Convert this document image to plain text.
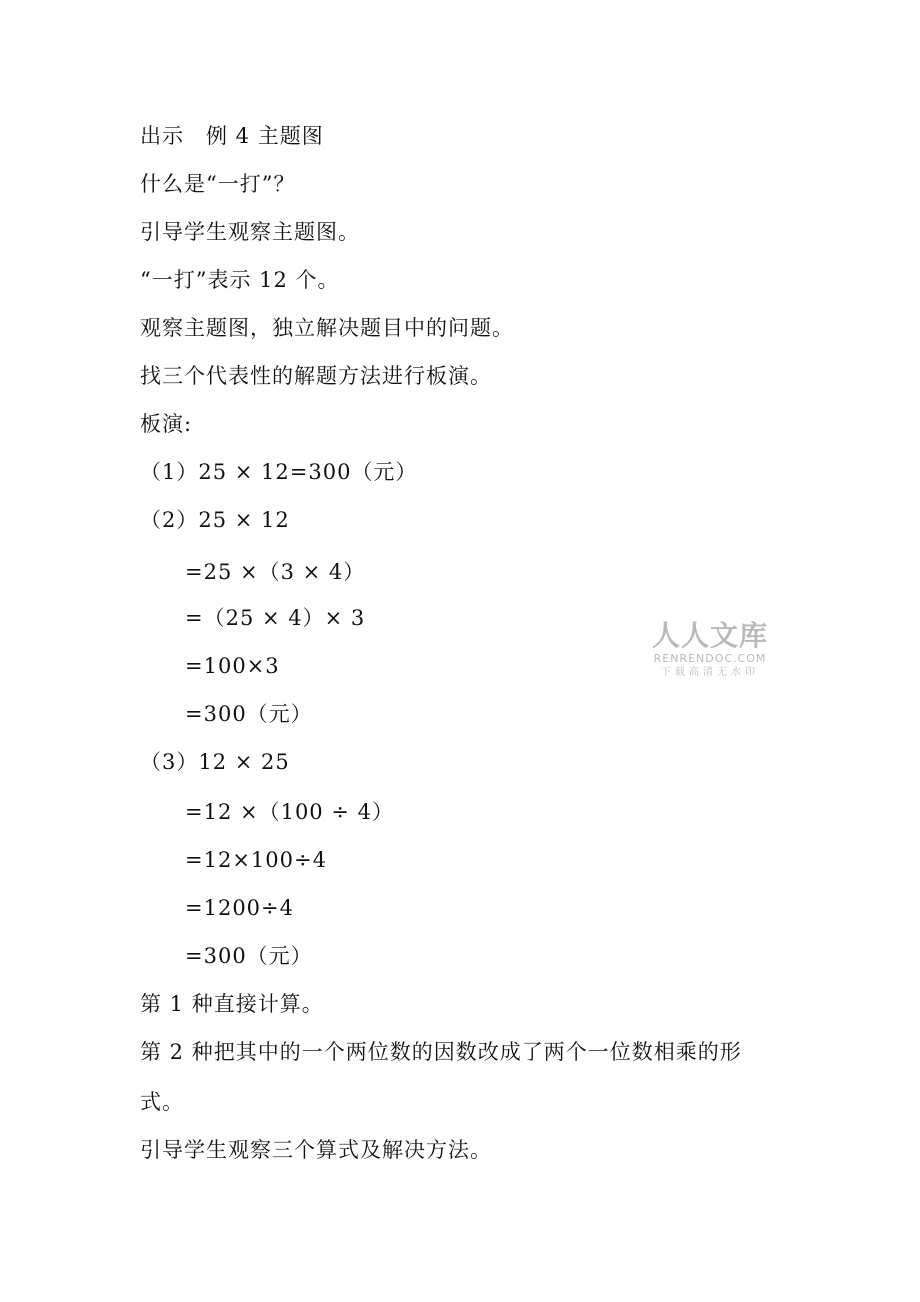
出示　例 4 主题图
什么是“一打”？
引导学生观察主题图。
“一打”表示 12 个。
观察主题图，独立解决题目中的问题。
找三个代表性的解题方法进行板演。
板演:
（1）25 × 12=300（元）
（2）25 × 12
=25 ×（3 × 4）
=（25 × 4）× 3
=100×3
=300（元）
（3）12 × 25
=12 ×（100 ÷ 4）
=12×100÷4
=1200÷4
=300（元）
第 1 种直接计算。
第 2 种把其中的一个两位数的因数改成了两个一位数相乘的形
式。
引导学生观察三个算式及解决方法。
人人文库
RENRENDOC.COM
下载高清无水印
